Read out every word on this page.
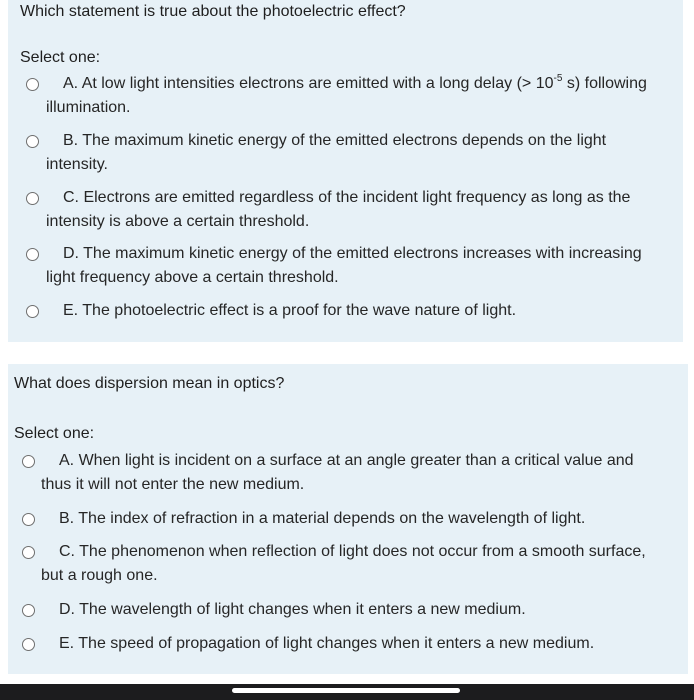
Which statement is true about the photoelectric effect?
Select one:
A. At low light intensities electrons are emitted with a long delay (> $10^{-5}$ s) following
illumination.
B. The maximum kinetic energy of the emitted electrons depends on the light
intensity.
C. Electrons are emitted regardless of the incident light frequency as long as the
intensity is above a certain threshold.
D. The maximum kinetic energy of the emitted electrons increases with increasing
light frequency above a certain threshold.
E. The photoelectric effect is a proof for the wave nature of light.
What does dispersion mean in optics?
Select one:
A. When light is incident on a surface at an angle greater than a critical value and
thus it will not enter the new medium.
B. The index of refraction in a material depends on the wavelength of light.
C. The phenomenon when reflection of light does not occur from a smooth surface,
but a rough one.
D. The wavelength of light changes when it enters a new medium.
E. The speed of propagation of light changes when it enters a new medium.
